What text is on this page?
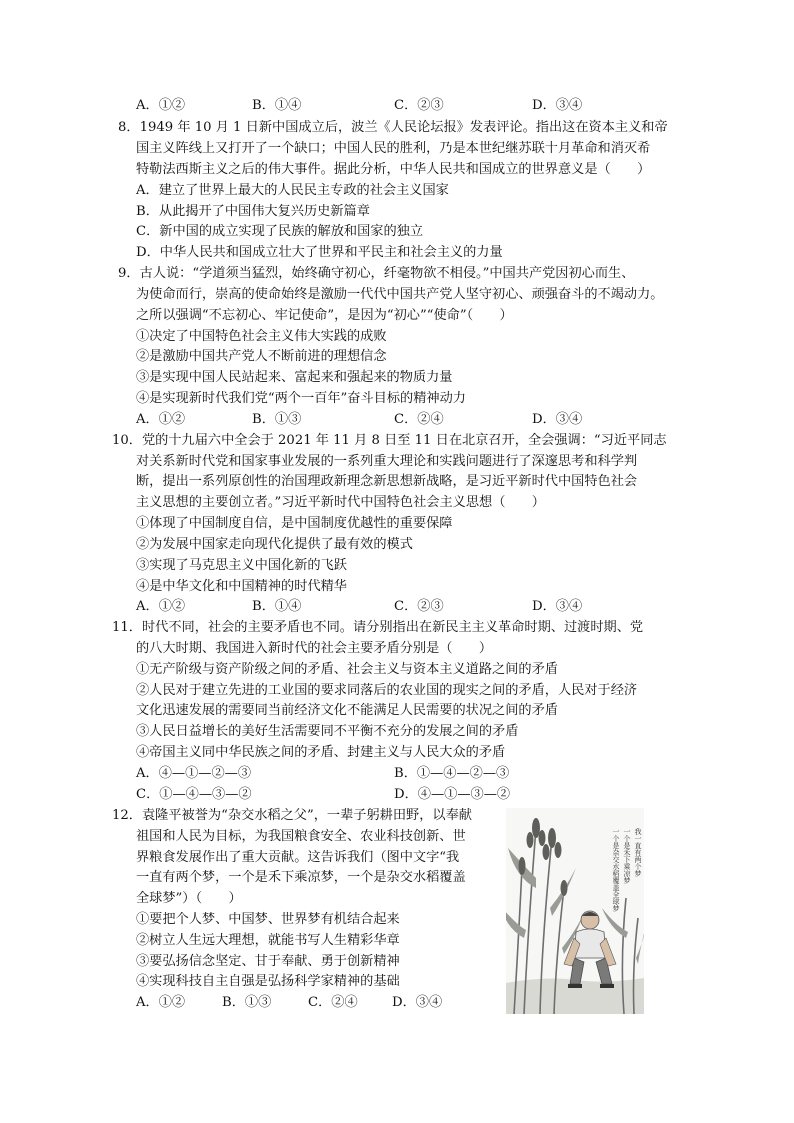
A．①②	B．①④	C．②③	D．③④
8．1949 年 10 月 1 日新中国成立后，波兰《人民论坛报》发表评论。指出这在资本主义和帝
国主义阵线上又打开了一个缺口；中国人民的胜利，乃是本世纪继苏联十月革命和消灭希
特勒法西斯主义之后的伟大事件。据此分析，中华人民共和国成立的世界意义是（　　）
A．建立了世界上最大的人民民主专政的社会主义国家
B．从此揭开了中国伟大复兴历史新篇章
C．新中国的成立实现了民族的解放和国家的独立
D．中华人民共和国成立壮大了世界和平民主和社会主义的力量
9．古人说：“学道须当猛烈，始终确守初心，纤毫物欲不相侵。”中国共产党因初心而生、
为使命而行，崇高的使命始终是激励一代代中国共产党人坚守初心、顽强奋斗的不竭动力。
之所以强调“不忘初心、牢记使命”，是因为“初心”“使命”（　　）
①决定了中国特色社会主义伟大实践的成败
②是激励中国共产党人不断前进的理想信念
③是实现中国人民站起来、富起来和强起来的物质力量
④是实现新时代我们党“两个一百年”奋斗目标的精神动力
A．①②	B．①③	C．②④	D．③④
10．党的十九届六中全会于 2021 年 11 月 8 日至 11 日在北京召开，全会强调：“习近平同志
对关系新时代党和国家事业发展的一系列重大理论和实践问题进行了深邃思考和科学判
断，提出一系列原创性的治国理政新理念新思想新战略，是习近平新时代中国特色社会
主义思想的主要创立者。”习近平新时代中国特色社会主义思想（　　）
①体现了中国制度自信，是中国制度优越性的重要保障
②为发展中国家走向现代化提供了最有效的模式
③实现了马克思主义中国化新的飞跃
④是中华文化和中国精神的时代精华
A．①②	B．①④	C．②③	D．③④
11．时代不同，社会的主要矛盾也不同。请分别指出在新民主主义革命时期、过渡时期、党
的八大时期、我国进入新时代的社会主要矛盾分别是（　　）
①无产阶级与资产阶级之间的矛盾、社会主义与资本主义道路之间的矛盾
②人民对于建立先进的工业国的要求同落后的农业国的现实之间的矛盾，人民对于经济
文化迅速发展的需要同当前经济文化不能满足人民需要的状况之间的矛盾
③人民日益增长的美好生活需要同不平衡不充分的发展之间的矛盾
④帝国主义同中华民族之间的矛盾、封建主义与人民大众的矛盾
A．④—①—②—③	B．①—④—②—③
C．①—④—③—②	D．④—①—③—②
12．袁隆平被誉为“杂交水稻之父”，一辈子躬耕田野，以奉献
祖国和人民为目标，为我国粮食安全、农业科技创新、世
界粮食发展作出了重大贡献。这告诉我们（图中文字“我
一直有两个梦，一个是禾下乘凉梦，一个是杂交水稻覆盖
全球梦”）（　　）
①要把个人梦、中国梦、世界梦有机结合起来
②树立人生远大理想，就能书写人生精彩华章
③要弘扬信念坚定、甘于奉献、勇于创新精神
④实现科技自主自强是弘扬科学家精神的基础
A．①②	B．①③	C．②④	D．③④
我一直有两个梦
一个是禾下乘凉梦
一个是杂交水稻覆盖全球梦
